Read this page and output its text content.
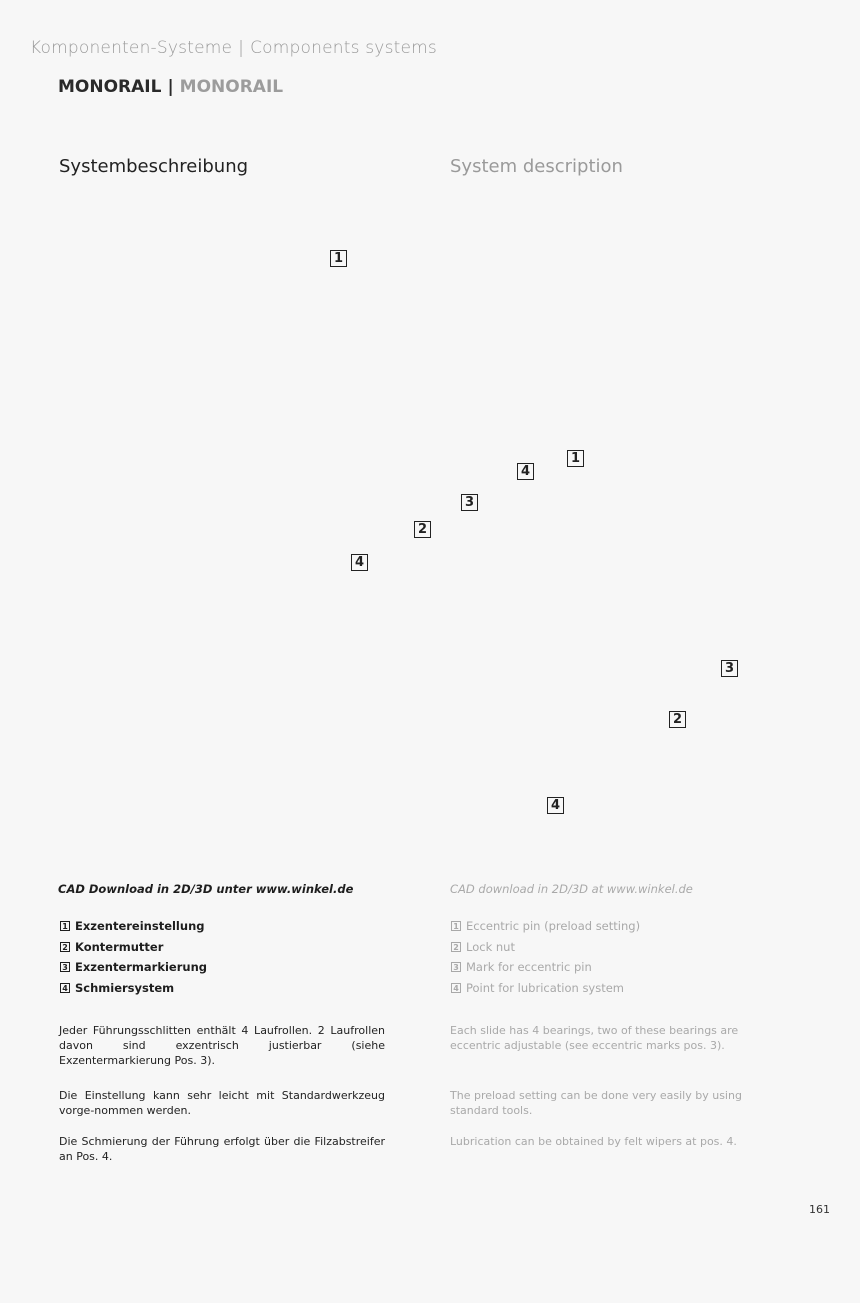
Komponenten-Systeme | Components systems
MONORAIL | MONORAIL
Systembeschreibung	System description
1
1
4
3
2
4
3
2
4
CAD Download in 2D/3D unter www.winkel.de	CAD download in 2D/3D at www.winkel.de
1 Exzentereinstellung
2 Kontermutter
3 Exzentermarkierung
4 Schmiersystem
1 Eccentric pin (preload setting)
2 Lock nut
3 Mark for eccentric pin
4 Point for lubrication system
Jeder Führungsschlitten enthält 4 Laufrollen. 2 Laufrollen davon sind exzentrisch justierbar (siehe Exzentermarkierung Pos. 3).
Die Einstellung kann sehr leicht mit Standardwerkzeug vorge-nommen werden.
Die Schmierung der Führung erfolgt über die Filzabstreifer an Pos. 4.
Each slide has 4 bearings, two of these bearings are eccentric adjustable (see eccentric marks pos. 3).
The preload setting can be done very easily by using standard tools.
Lubrication can be obtained by felt wipers at pos. 4.
161
